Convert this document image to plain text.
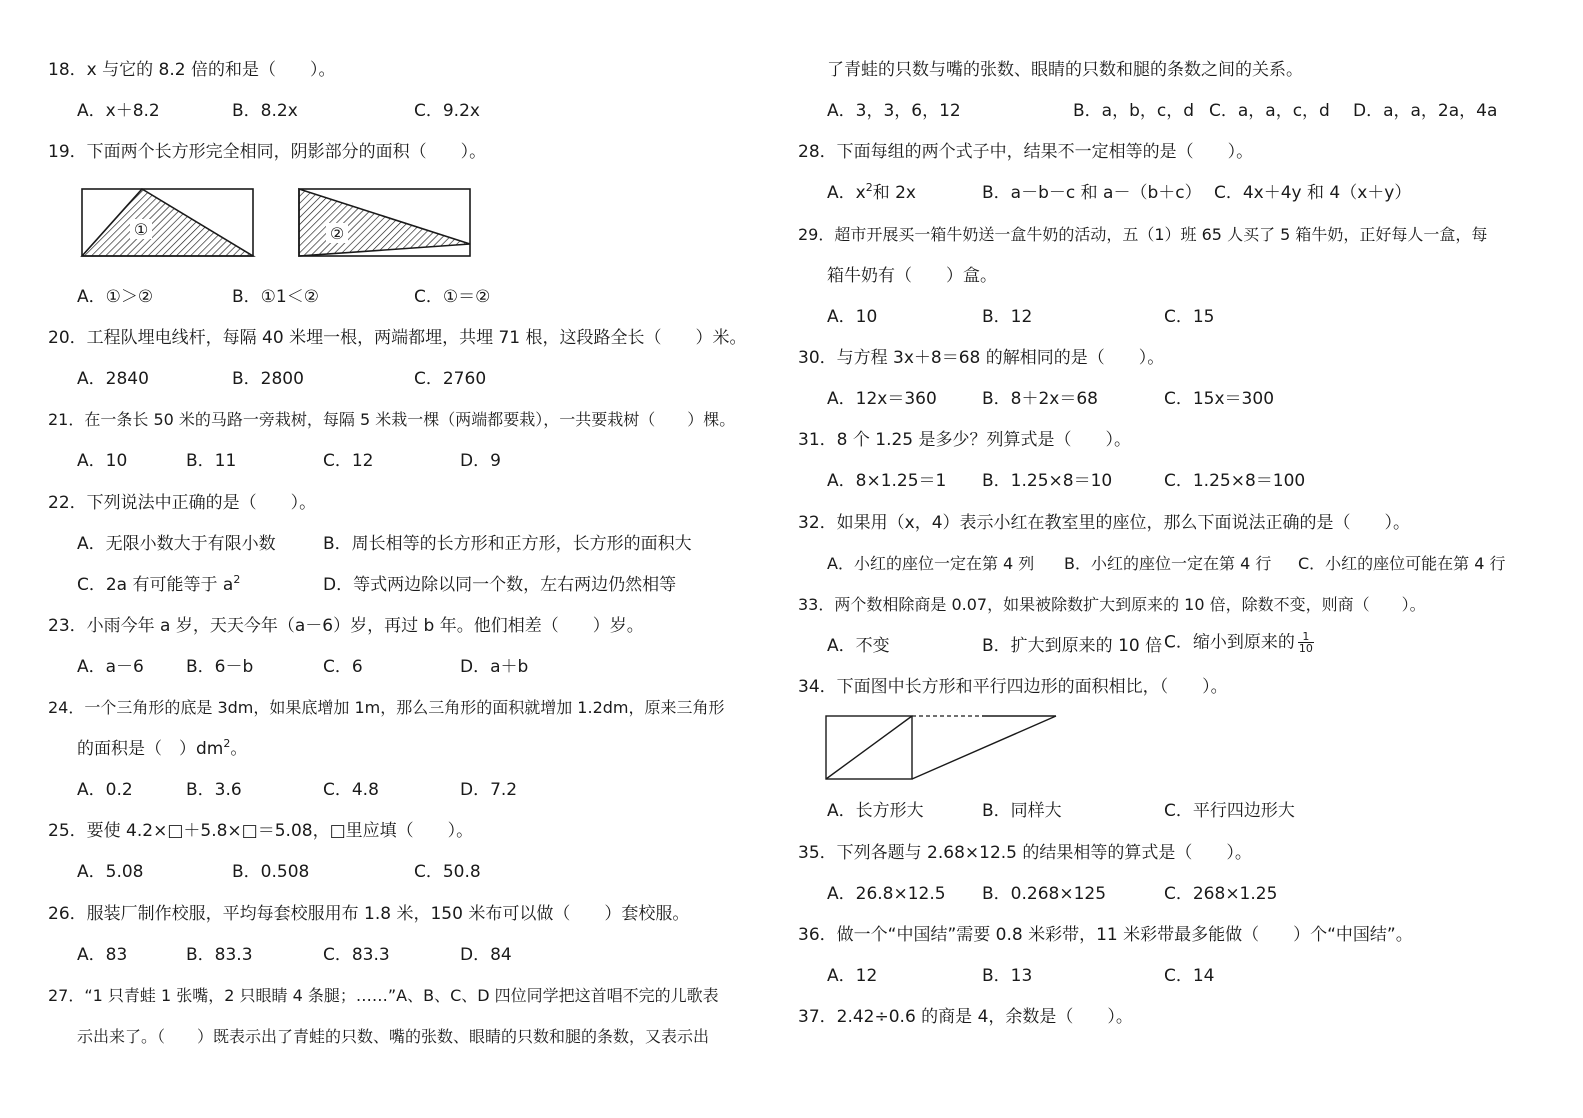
18．x 与它的 8.2 倍的和是（　　）。
A．x＋8.2	B．8.2x	C．9.2x
19．下面两个长方形完全相同，阴影部分的面积（　　）。
①	②
A．①＞②	B．①1＜②	C．①＝②
20．工程队埋电线杆，每隔 40 米埋一根，两端都埋，共埋 71 根，这段路全长（　　）米。
A．2840	B．2800	C．2760
21．在一条长 50 米的马路一旁栽树，每隔 5 米栽一棵（两端都要栽），一共要栽树（　　）棵。
A．10	B．11	C．12	D．9
22．下列说法中正确的是（　　）。
A．无限小数大于有限小数	B．周长相等的长方形和正方形，长方形的面积大
C．2a 有可能等于 $a^2$	D．等式两边除以同一个数，左右两边仍然相等
23．小雨今年 a 岁，天天今年（a－6）岁，再过 b 年。他们相差（　　）岁。
A．a－6 B．6－b	C．6	D．a＋b
24．一个三角形的底是 3dm，如果底增加 1m，那么三角形的面积就增加 1.2dm，原来三角形
的面积是（　）$dm^2$。
A．0.2	B．3.6	C．4.8	D．7.2
25．要使 4.2×□＋5.8×□＝5.08，□里应填（　　）。
A．5.08	B．0.508	C．50.8
26．服装厂制作校服，平均每套校服用布 1.8 米，150 米布可以做（　　）套校服。
A．83	B．83.3	C．83.3	D．84
27．“1 只青蛙 1 张嘴，2 只眼睛 4 条腿；……”A、B、C、D 四位同学把这首唱不完的儿歌表
示出来了。（　　）既表示出了青蛙的只数、嘴的张数、眼睛的只数和腿的条数，又表示出
了青蛙的只数与嘴的张数、眼睛的只数和腿的条数之间的关系。
A．3，3，6，12	B．a，b，c，d C．a，a，c，d D．a，a，2a，4a
28．下面每组的两个式子中，结果不一定相等的是（　　）。
A．$x^2$和 2x	B．a－b－c 和 a－（b＋c） C．4x＋4y 和 4（x＋y）
29．超市开展买一箱牛奶送一盒牛奶的活动，五（1）班 65 人买了 5 箱牛奶，正好每人一盒，每
箱牛奶有（　　）盒。
A．10	B．12	C．15
30．与方程 3x＋8＝68 的解相同的是（　　）。
A．12x＝360	B．8＋2x＝68	C．15x＝300
31．8 个 1.25 是多少？列算式是（　　）。
A．8×1.25＝1 B．1.25×8＝10	C．1.25×8＝100
32．如果用（x，4）表示小红在教室里的座位，那么下面说法正确的是（　　）。
A．小红的座位一定在第 4 列 B．小红的座位一定在第 4 行 C．小红的座位可能在第 4 行
33．两个数相除商是 0.07，如果被除数扩大到原来的 10 倍，除数不变，则商（　　）。
A．不变	B．扩大到原来的 10 倍 C．缩小到原来的 $\frac{1}{10}$
34．下面图中长方形和平行四边形的面积相比，（　　）。
A．长方形大	B．同样大	C．平行四边形大
35．下列各题与 2.68×12.5 的结果相等的算式是（　　）。
A．26.8×12.5 B．0.268×125	C．268×1.25
36．做一个“中国结”需要 0.8 米彩带，11 米彩带最多能做（　　）个“中国结”。
A．12	B．13	C．14
37．2.42÷0.6 的商是 4，余数是（　　）。
